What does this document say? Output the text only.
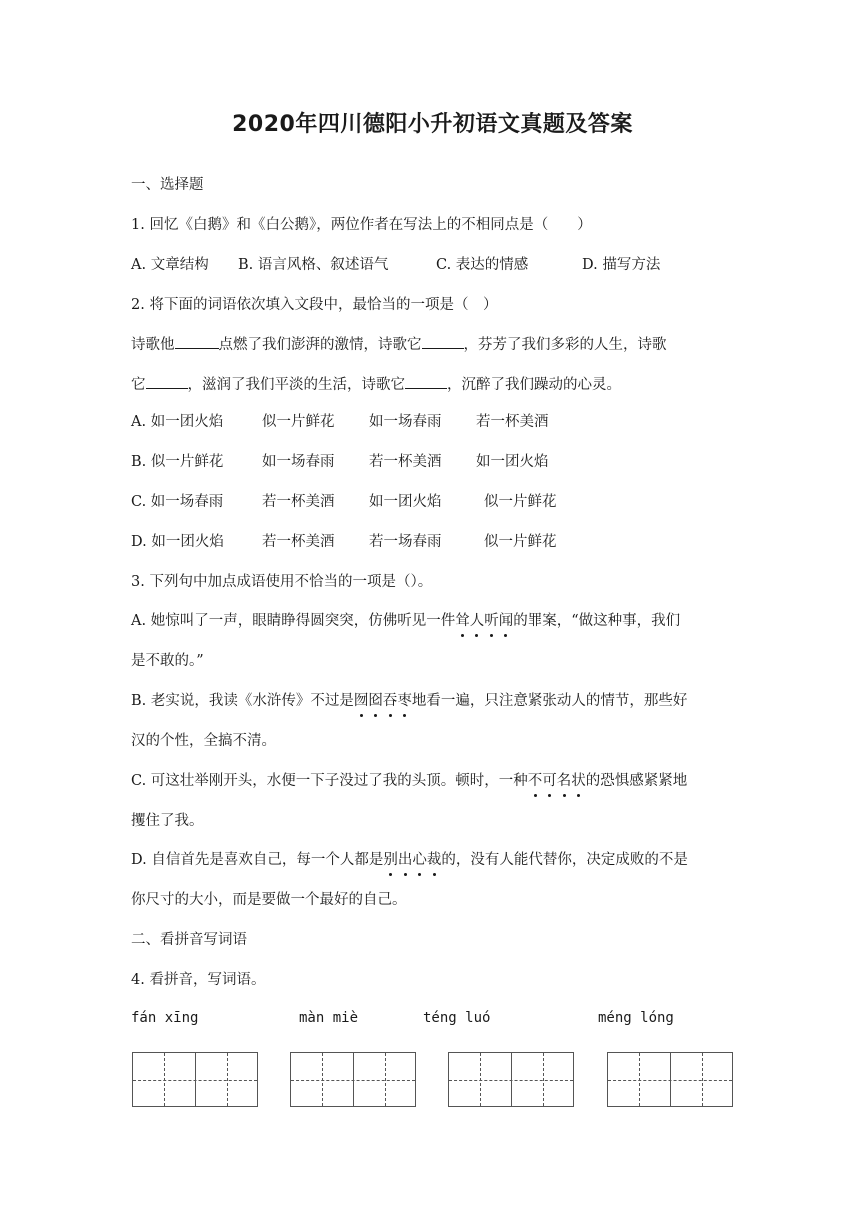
2020年四川德阳小升初语文真题及答案
一、选择题
1. 回忆《白鹅》和《白公鹅》，两位作者在写法上的不相同点是（　　）
A. 文章结构 B. 语言风格、叙述语气	C. 表达的情感	D. 描写方法
2. 将下面的词语依次填入文段中，最恰当的一项是（　）
诗歌他	点燃了我们澎湃的激情，诗歌它	，芬芳了我们多彩的人生，诗歌
它	，滋润了我们平淡的生活，诗歌它	，沉醉了我们躁动的心灵。
A. 如一团火焰	似一片鲜花 如一场春雨 若一杯美酒
B. 似一片鲜花	如一场春雨 若一杯美酒 如一团火焰
C. 如一场春雨	若一杯美酒 如一团火焰	似一片鲜花
D. 如一团火焰	若一杯美酒 若一场春雨	似一片鲜花
3. 下列句中加点成语使用不恰当的一项是（）。
A. 她惊叫了一声，眼睛睁得圆突突，仿佛听见一件耸人听闻的罪案，“做这种事，我们
是不敢的。”
B. 老实说，我读《水浒传》不过是囫囵吞枣地看一遍，只注意紧张动人的情节，那些好
汉的个性，全搞不清。
C. 可这壮举刚开头，水便一下子没过了我的头顶。顿时，一种不可名状的恐惧感紧紧地
攫住了我。
D. 自信首先是喜欢自己，每一个人都是别出心裁的，没有人能代替你，决定成败的不是
你尺寸的大小，而是要做一个最好的自己。
二、看拼音写词语
4. 看拼音，写词语。
fán xīng	màn miè	téng luó	méng lóng
